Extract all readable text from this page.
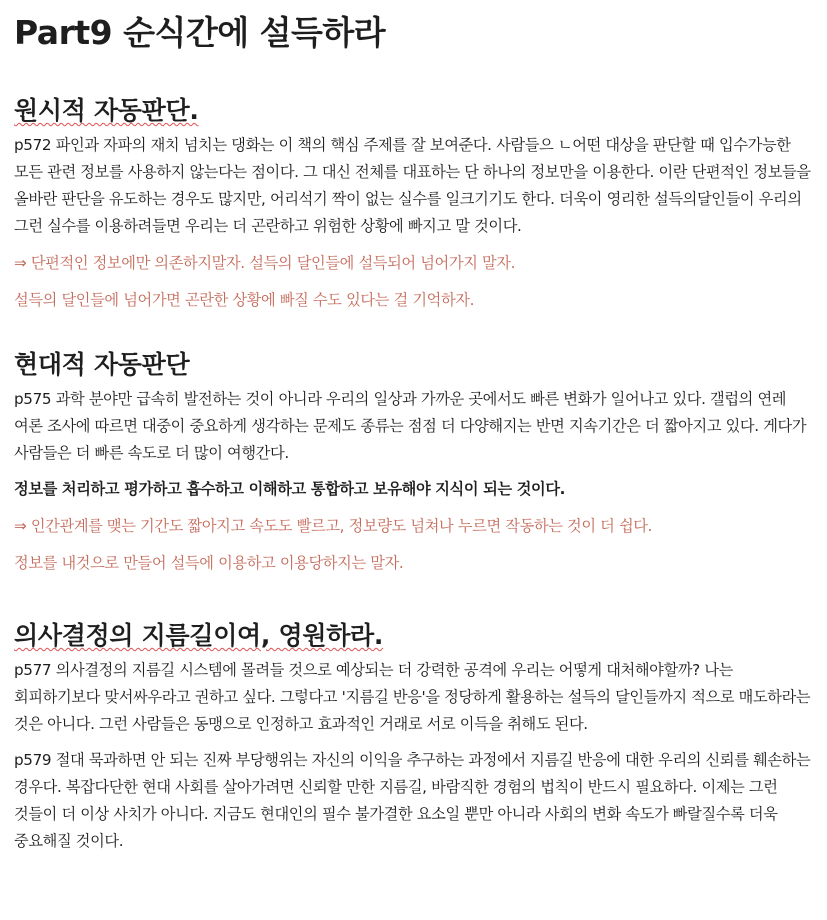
Part9 순식간에 설득하라
원시적 자동판단.

p572 파인과 자파의 재치 넘치는 댕화는 이 책의 핵심 주제를 잘 보여준다. 사람들으 ㄴ어떤 대상을 판단할 때 입수가능한 모든 관련 정보를 사용하지 않는다는 점이다. 그 대신 전체를 대표하는 단 하나의 정보만을 이용한다. 이란 단편적인 정보들을 올바란 판단을 유도하는 경우도 많지만, 어리석기 짝이 없는 실수를 일크기기도 한다. 더욱이 영리한 설득의달인들이 우리의 그런 실수를 이용하려들면 우리는 더 곤란하고 위험한 상황에 빠지고 말 것이다.

⇒ 단편적인 정보에만 의존하지말자. 설득의 달인들에 설득되어 넘어가지 말자.

설득의 달인들에 넘어가면 곤란한 상황에 빠질 수도 있다는 걸 기억하자.

현대적 자동판단

p575 과학 분야만 급속히 발전하는 것이 아니라 우리의 일상과 가까운 곳에서도 빠른 변화가 일어나고 있다. 갤럽의 연레 여론 조사에 따르면 대중이 중요하게 생각하는 문제도 종류는 점점 더 다양해지는 반면 지속기간은 더 짧아지고 있다. 게다가 사람들은 더 빠른 속도로 더 많이 여행간다.

정보를 처리하고 평가하고 흡수하고 이해하고 통합하고 보유해야 지식이 되는 것이다.

⇒ 인간관계를 맺는 기간도 짧아지고 속도도 빨르고, 정보량도 넘쳐나 누르면 작동하는 것이 더 쉽다.

정보를 내것으로 만들어 설득에 이용하고 이용당하지는 말자.

의사결정의 지름길이여, 영원하라.

p577 의사결정의 지름길 시스템에 몰려들 것으로 예상되는 더 강력한 공격에 우리는 어떻게 대처해야할까? 나는 회피하기보다 맞서싸우라고 권하고 싶다. 그렇다고 '지름길 반응'을 정당하게 활용하는 설득의 달인들까지 적으로 매도하라는 것은 아니다. 그런 사람들은 동맹으로 인정하고 효과적인 거래로 서로 이득을 취해도 된다.

p579 절대 묵과하면 안 되는 진짜 부당행위는 자신의 이익을 추구하는 과정에서 지름길 반응에 대한 우리의 신뢰를 훼손하는 경우다. 복잡다단한 현대 사회를 살아가려면 신뢰할 만한 지름길, 바람직한 경험의 법칙이 반드시 필요하다. 이제는 그런 것들이 더 이상 사치가 아니다. 지금도 현대인의 필수 불가결한 요소일 뿐만 아니라 사회의 변화 속도가 빠랄질수록 더욱 중요해질 것이다.
